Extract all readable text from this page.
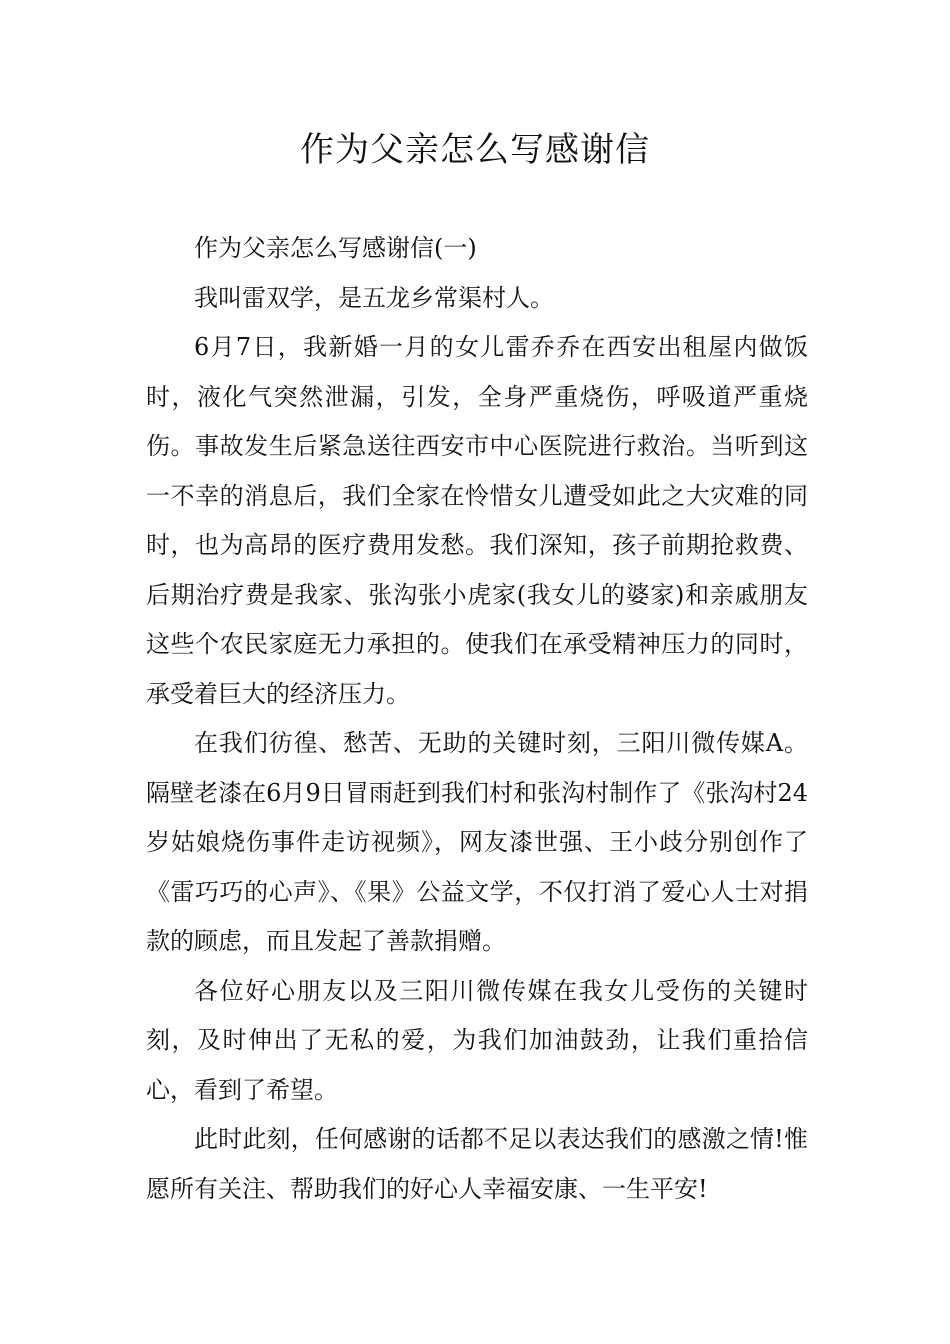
作为父亲怎么写感谢信

作为父亲怎么写感谢信(一)

我叫雷双学，是五龙乡常渠村人。

6月7日，我新婚一月的女儿雷乔乔在西安出租屋内做饭时，液化气突然泄漏，引发，全身严重烧伤，呼吸道严重烧伤。事故发生后紧急送往西安市中心医院进行救治。当听到这一不幸的消息后，我们全家在怜惜女儿遭受如此之大灾难的同时，也为高昂的医疗费用发愁。我们深知，孩子前期抢救费、后期治疗费是我家、张沟张小虎家(我女儿的婆家)和亲戚朋友这些个农民家庭无力承担的。使我们在承受精神压力的同时，承受着巨大的经济压力。

在我们彷徨、愁苦、无助的关键时刻，三阳川微传媒A。隔壁老漆在6月9日冒雨赶到我们村和张沟村制作了《张沟村24岁姑娘烧伤事件走访视频》，网友漆世强、王小歧分别创作了《雷巧巧的心声》、《果》公益文学，不仅打消了爱心人士对捐款的顾虑，而且发起了善款捐赠。

各位好心朋友以及三阳川微传媒在我女儿受伤的关键时刻，及时伸出了无私的爱，为我们加油鼓劲，让我们重拾信心，看到了希望。

此时此刻，任何感谢的话都不足以表达我们的感激之情!惟愿所有关注、帮助我们的好心人幸福安康、一生平安!
